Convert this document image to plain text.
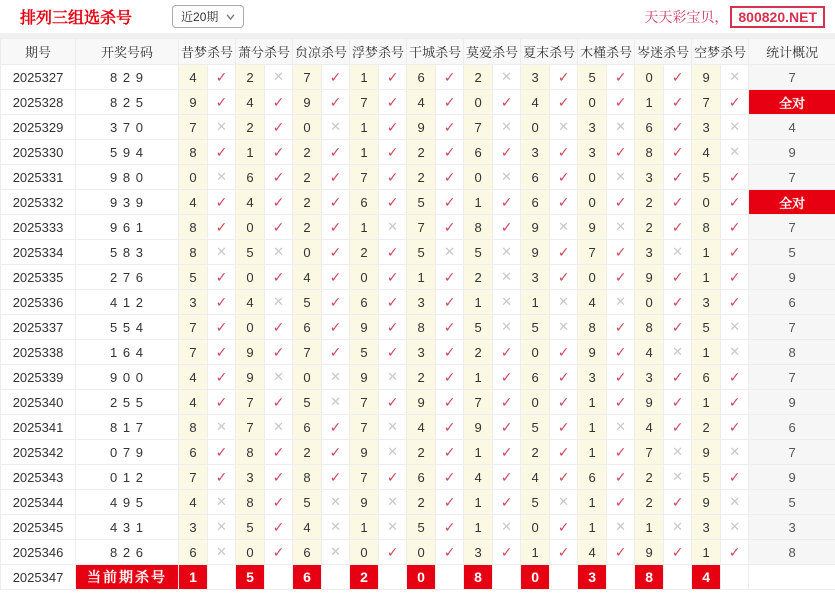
排列三组选杀号	近20期	天天彩宝贝， 800820.NET
期号	开奖号码	昔梦杀号		萧兮杀号		贠凉杀号		浮梦杀号		干城杀号		莫爱杀号		夏末杀号		木槿杀号		岑迷杀号		空梦杀号		统计概况
2025327	8 2 9	4	✓	2	✕	7	✓	1	✓	6	✓	2	✕	3	✓	5	✓	0	✓	9	✕	7
2025328	8 2 5	9	✓	4	✓	9	✓	7	✓	4	✓	0	✓	4	✓	0	✓	1	✓	7	✓	全对
2025329	3 7 0	7	✕	2	✓	0	✕	1	✓	9	✓	7	✕	0	✕	3	✕	6	✓	3	✕	4
2025330	5 9 4	8	✓	1	✓	2	✓	1	✓	2	✓	6	✓	3	✓	3	✓	8	✓	4	✕	9
2025331	9 8 0	0	✕	6	✓	2	✓	7	✓	2	✓	0	✕	6	✓	0	✕	3	✓	5	✓	7
2025332	9 3 9	4	✓	4	✓	2	✓	6	✓	5	✓	1	✓	6	✓	0	✓	2	✓	0	✓	全对
2025333	9 6 1	8	✓	0	✓	2	✓	1	✕	7	✓	8	✓	9	✕	9	✕	2	✓	8	✓	7
2025334	5 8 3	8	✕	5	✕	0	✓	2	✓	5	✕	5	✕	9	✓	7	✓	3	✕	1	✓	5
2025335	2 7 6	5	✓	0	✓	4	✓	0	✓	1	✓	2	✕	3	✓	0	✓	9	✓	1	✓	9
2025336	4 1 2	3	✓	4	✕	5	✓	6	✓	3	✓	1	✕	1	✕	4	✕	0	✓	3	✓	6
2025337	5 5 4	7	✓	0	✓	6	✓	9	✓	8	✓	5	✕	5	✕	8	✓	8	✓	5	✕	7
2025338	1 6 4	7	✓	9	✓	7	✓	5	✓	3	✓	2	✓	0	✓	9	✓	4	✕	1	✕	8
2025339	9 0 0	4	✓	9	✕	0	✕	9	✕	2	✓	1	✓	6	✓	3	✓	3	✓	6	✓	7
2025340	2 5 5	4	✓	7	✓	5	✕	7	✓	9	✓	7	✓	0	✓	1	✓	9	✓	1	✓	9
2025341	8 1 7	8	✕	7	✕	6	✓	7	✕	4	✓	9	✓	5	✓	1	✕	4	✓	2	✓	6
2025342	0 7 9	6	✓	8	✓	2	✓	9	✕	2	✓	1	✓	2	✓	1	✓	7	✕	9	✕	7
2025343	0 1 2	7	✓	3	✓	8	✓	7	✓	6	✓	4	✓	4	✓	6	✓	2	✕	5	✓	9
2025344	4 9 5	4	✕	8	✓	5	✕	9	✕	2	✓	1	✓	5	✕	1	✓	2	✓	9	✕	5
2025345	4 3 1	3	✕	5	✓	4	✕	1	✕	5	✓	1	✕	0	✓	1	✕	1	✕	3	✕	3
2025346	8 2 6	6	✕	0	✓	6	✕	0	✓	0	✓	3	✓	1	✓	4	✓	9	✓	1	✓	8
2025347	当前期杀号	1		5		6		2		0		8		0		3		8		4		
